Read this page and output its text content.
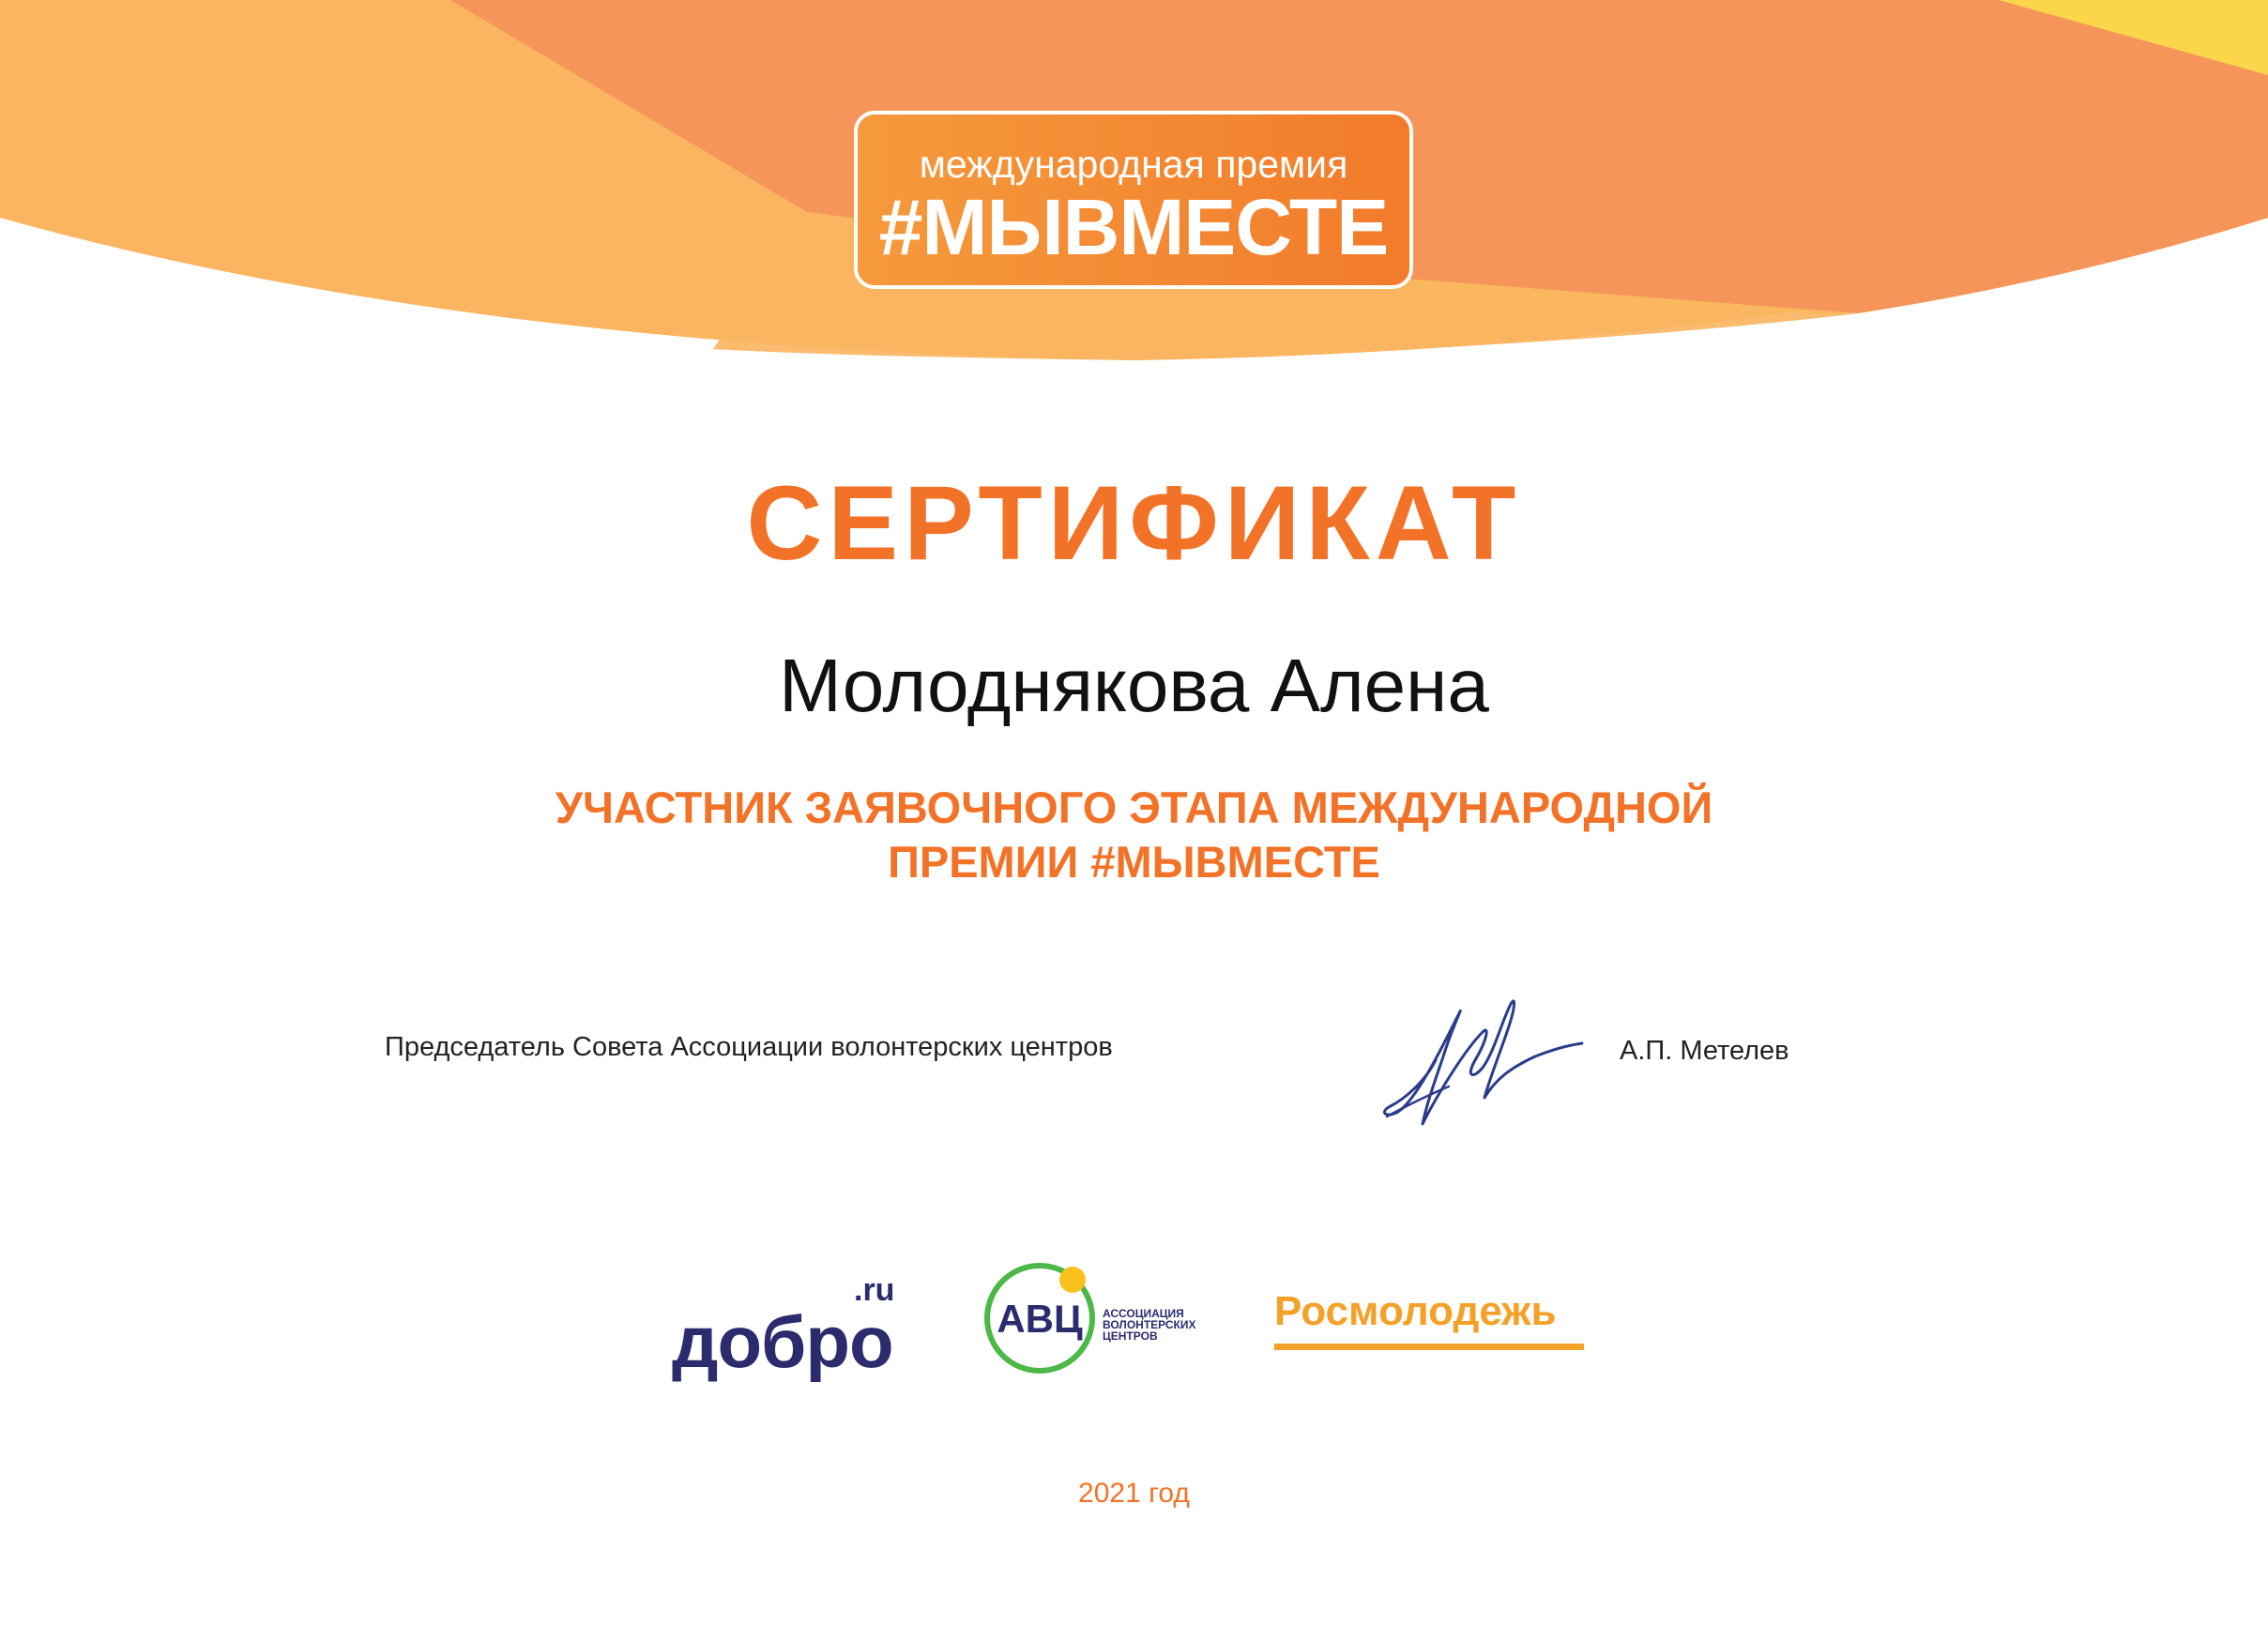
международная премия
#МЫВМЕСТЕ
СЕРТИФИКАТ
Молоднякова Алена
УЧАСТНИК ЗАЯВОЧНОГО ЭТАПА МЕЖДУНАРОДНОЙ
ПРЕМИИ #МЫВМЕСТЕ
Председатель Совета Ассоциации волонтерских центров	А.П. Метелев
.ru
добро	АВЦ	АССОЦИАЦИЯ
ВОЛОНТЕРСКИХ
ЦЕНТРОВ
Росмолодежь
2021 год
